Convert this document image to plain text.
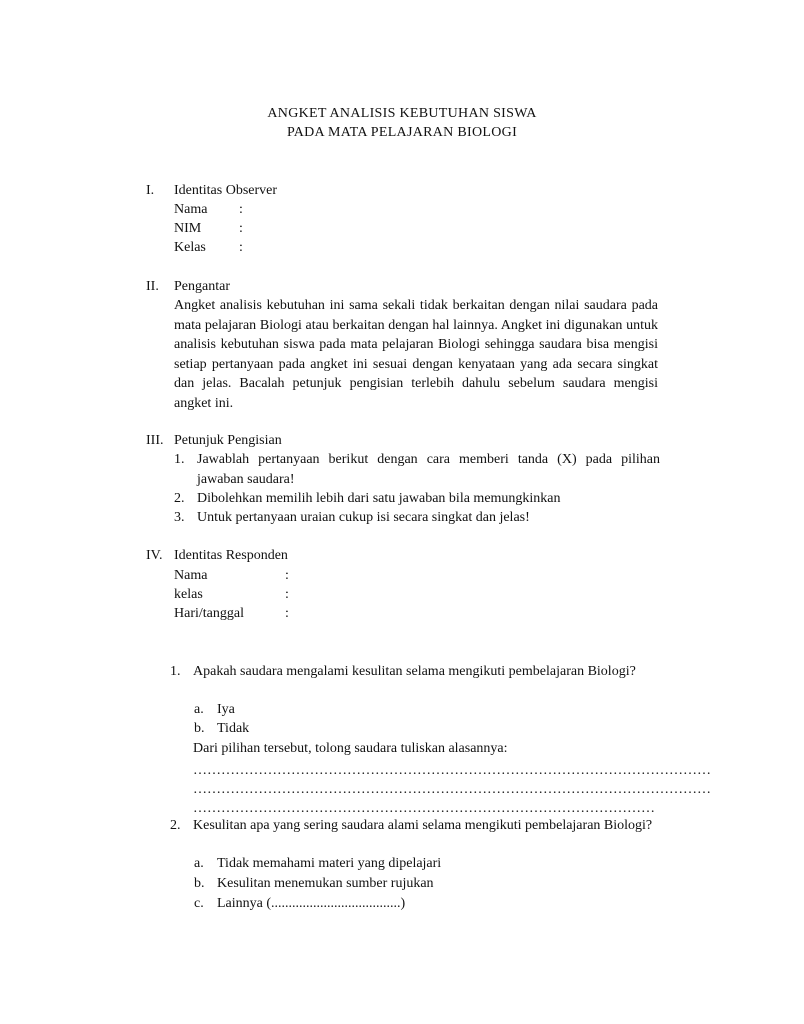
ANGKET ANALISIS KEBUTUHAN SISWA
PADA MATA PELAJARAN BIOLOGI
I. Identitas Observer
Nama :
NIM	:
Kelas :
II. Pengantar
Angket analisis kebutuhan ini sama sekali tidak berkaitan dengan nilai saudara pada mata pelajaran Biologi atau berkaitan dengan hal lainnya. Angket ini digunakan untuk analisis kebutuhan siswa pada mata pelajaran Biologi sehingga saudara bisa mengisi setiap pertanyaan pada angket ini sesuai dengan kenyataan yang ada secara singkat dan jelas. Bacalah petunjuk pengisian terlebih dahulu sebelum saudara mengisi angket ini.
III. Petunjuk Pengisian
1. Jawablah pertanyaan berikut dengan cara memberi tanda (X) pada pilihan jawaban saudara!
2. Dibolehkan memilih lebih dari satu jawaban bila memungkinkan
3. Untuk pertanyaan uraian cukup isi secara singkat dan jelas!
IV. Identitas Responden
Nama	:
kelas	:
Hari/tanggal	:
1. Apakah saudara mengalami kesulitan selama mengikuti pembelajaran Biologi?
a. Iya
b. Tidak
Dari pilihan tersebut, tolong saudara tuliskan alasannya:
…………………………………………………………………………………………………
…………………………………………………………………………………………………
………………………………………………………………………………………
2. Kesulitan apa yang sering saudara alami selama mengikuti pembelajaran Biologi?
a. Tidak memahami materi yang dipelajari
b. Kesulitan menemukan sumber rujukan
c. Lainnya (.....................................)
